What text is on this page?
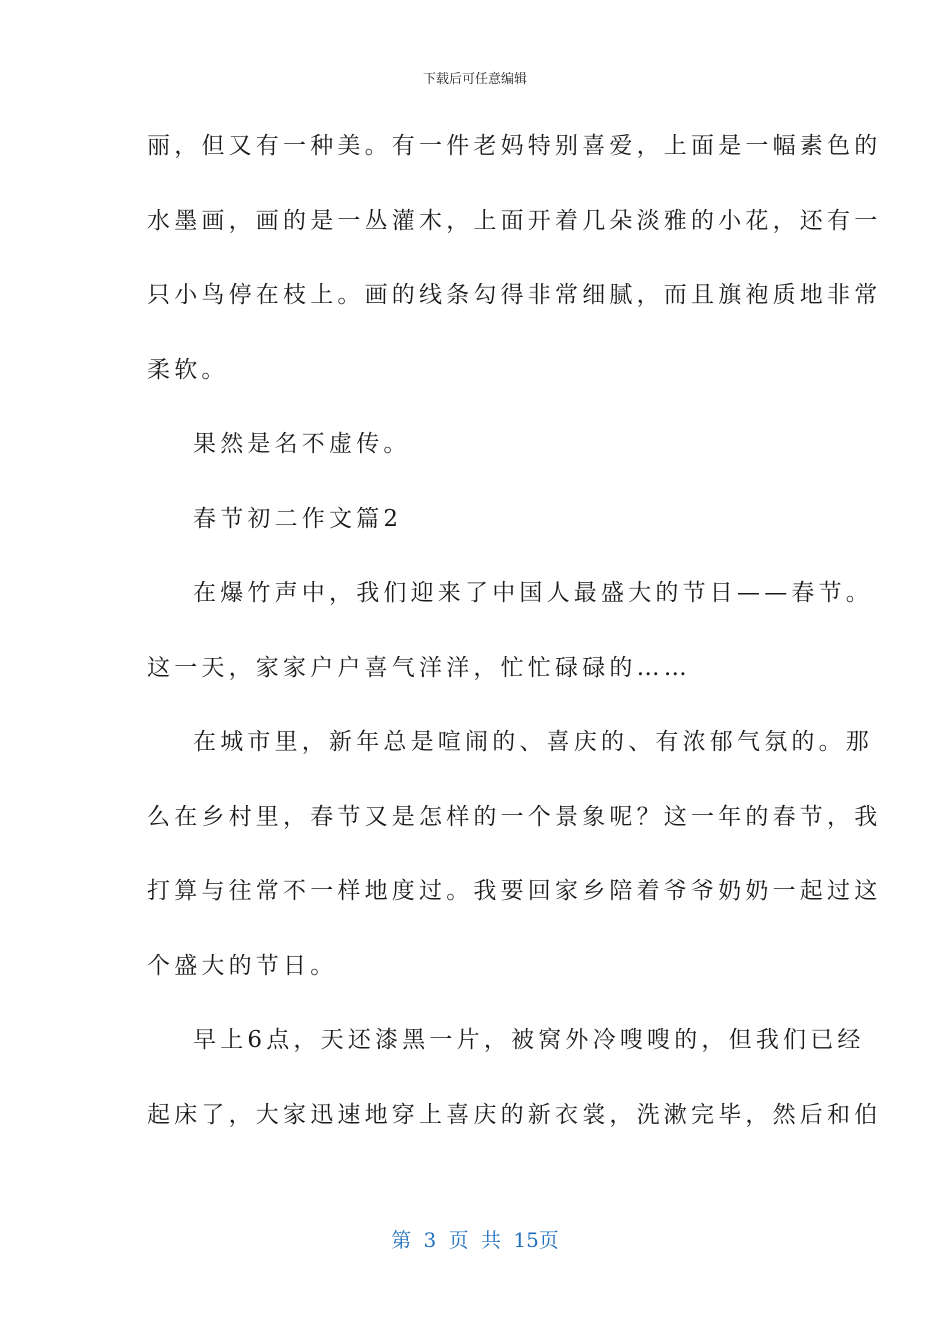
下载后可任意编辑
丽，但又有一种美。有一件老妈特别喜爱，上面是一幅素色的
水墨画，画的是一丛灌木，上面开着几朵淡雅的小花，还有一
只小鸟停在枝上。画的线条勾得非常细腻，而且旗袍质地非常
柔软。
果然是名不虚传。
春节初二作文篇2
在爆竹声中，我们迎来了中国人最盛大的节日——春节。
这一天，家家户户喜气洋洋，忙忙碌碌的……
在城市里，新年总是喧闹的、喜庆的、有浓郁气氛的。那
么在乡村里，春节又是怎样的一个景象呢？这一年的春节，我
打算与往常不一样地度过。我要回家乡陪着爷爷奶奶一起过这
个盛大的节日。
早上6点，天还漆黑一片，被窝外冷嗖嗖的，但我们已经
起床了，大家迅速地穿上喜庆的新衣裳，洗漱完毕，然后和伯
第 3 页 共 15页
